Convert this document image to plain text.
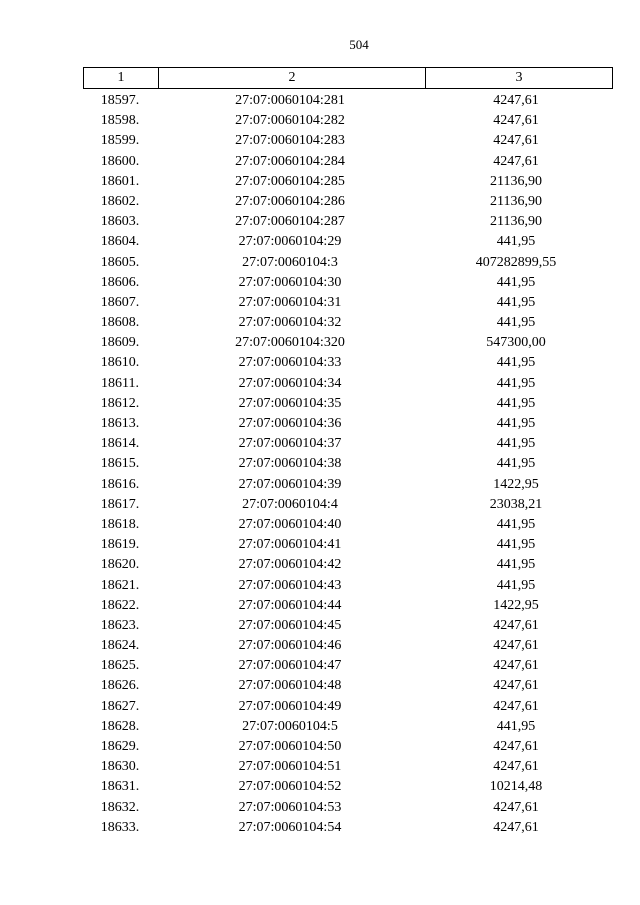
504
1	2	3
18597.	27:07:0060104:281	4247,61
18598.	27:07:0060104:282	4247,61
18599.	27:07:0060104:283	4247,61
18600.	27:07:0060104:284	4247,61
18601.	27:07:0060104:285	21136,90
18602.	27:07:0060104:286	21136,90
18603.	27:07:0060104:287	21136,90
18604.	27:07:0060104:29	441,95
18605.	27:07:0060104:3	407282899,55
18606.	27:07:0060104:30	441,95
18607.	27:07:0060104:31	441,95
18608.	27:07:0060104:32	441,95
18609.	27:07:0060104:320	547300,00
18610.	27:07:0060104:33	441,95
18611.	27:07:0060104:34	441,95
18612.	27:07:0060104:35	441,95
18613.	27:07:0060104:36	441,95
18614.	27:07:0060104:37	441,95
18615.	27:07:0060104:38	441,95
18616.	27:07:0060104:39	1422,95
18617.	27:07:0060104:4	23038,21
18618.	27:07:0060104:40	441,95
18619.	27:07:0060104:41	441,95
18620.	27:07:0060104:42	441,95
18621.	27:07:0060104:43	441,95
18622.	27:07:0060104:44	1422,95
18623.	27:07:0060104:45	4247,61
18624.	27:07:0060104:46	4247,61
18625.	27:07:0060104:47	4247,61
18626.	27:07:0060104:48	4247,61
18627.	27:07:0060104:49	4247,61
18628.	27:07:0060104:5	441,95
18629.	27:07:0060104:50	4247,61
18630.	27:07:0060104:51	4247,61
18631.	27:07:0060104:52	10214,48
18632.	27:07:0060104:53	4247,61
18633.	27:07:0060104:54	4247,61
